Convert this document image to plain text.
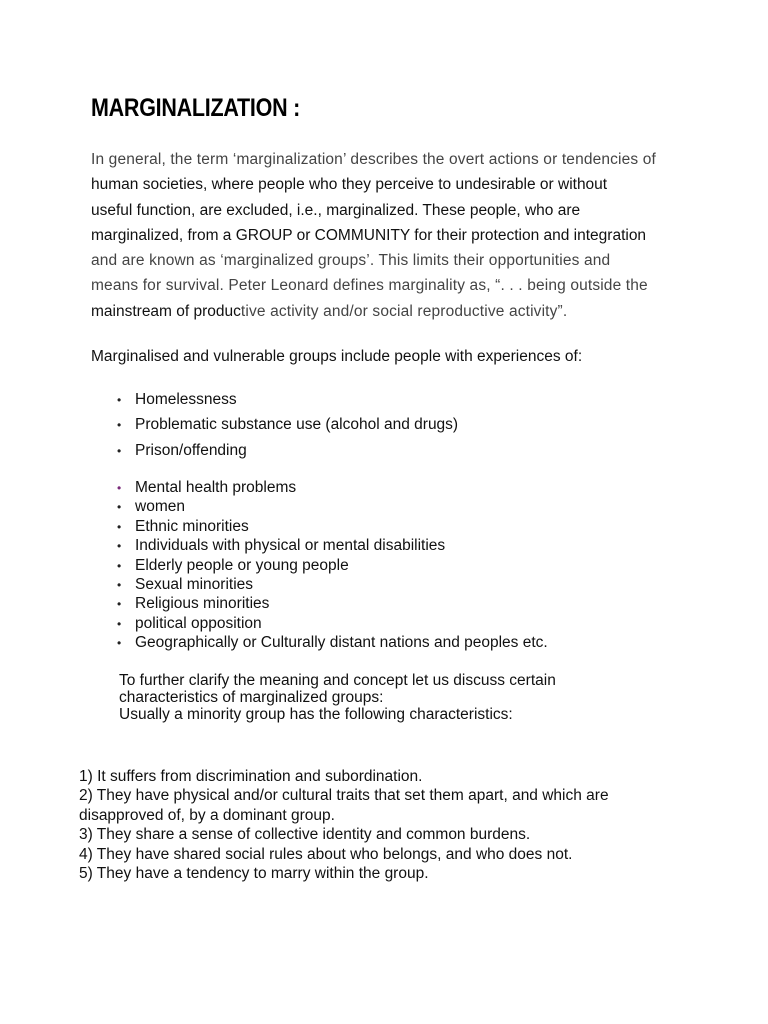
MARGINALIZATION :
In general, the term ‘marginalization’ describes the overt actions or tendencies of
human societies, where people who they perceive to undesirable or without
useful function, are excluded, i.e., marginalized. These people, who are
marginalized, from a GROUP or COMMUNITY for their protection and integration
and are known as ‘marginalized groups’. This limits their opportunities and
means for survival. Peter Leonard defines marginality as, “. . . being outside the
mainstream of productive activity and/or social reproductive activity”.
Marginalised and vulnerable groups include people with experiences of:
• Homelessness
• Problematic substance use (alcohol and drugs)
• Prison/offending
• Mental health problems
• women
• Ethnic minorities
• Individuals with physical or mental disabilities
• Elderly people or young people
• Sexual minorities
• Religious minorities
• political opposition
• Geographically or Culturally distant nations and peoples etc.
To further clarify the meaning and concept let us discuss certain
characteristics of marginalized groups:
Usually a minority group has the following characteristics:
1) It suffers from discrimination and subordination.
2) They have physical and/or cultural traits that set them apart, and which are
disapproved of, by a dominant group.
3) They share a sense of collective identity and common burdens.
4) They have shared social rules about who belongs, and who does not.
5) They have a tendency to marry within the group.
